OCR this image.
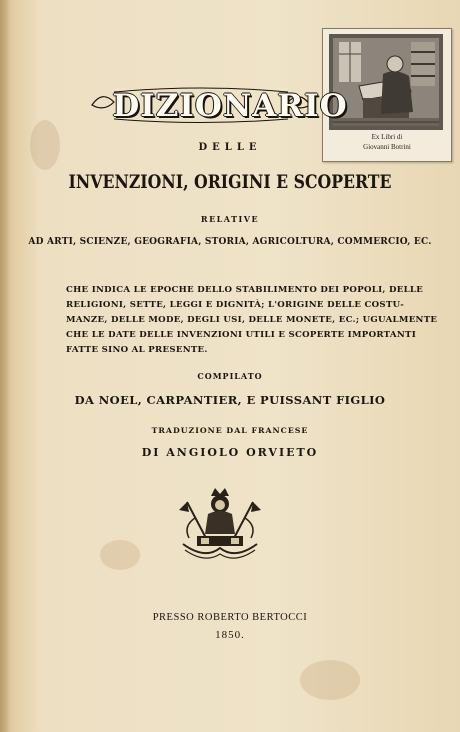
Ex Libri di
Giovanni Botrini
DIZIONARIO
DELLE
INVENZIONI, ORIGINI E SCOPERTE
RELATIVE
AD ARTI, SCIENZE, GEOGRAFIA, STORIA, AGRICOLTURA, COMMERCIO, EC.
CHE INDICA LE EPOCHE DELLO STABILIMENTO DEI POPOLI, DELLE
RELIGIONI, SETTE, LEGGI E DIGNITÀ; L'ORIGINE DELLE COSTU-
MANZE, DELLE MODE, DEGLI USI, DELLE MONETE, EC.; UGUALMENTE
CHE LE DATE DELLE INVENZIONI UTILI E SCOPERTE IMPORTANTI
FATTE SINO AL PRESENTE.
COMPILATO
DA NOEL, CARPANTIER, E PUISSANT FIGLIO
TRADUZIONE DAL FRANCESE
DI ANGIOLO ORVIETO
PRESSO ROBERTO BERTOCCI
1850.
